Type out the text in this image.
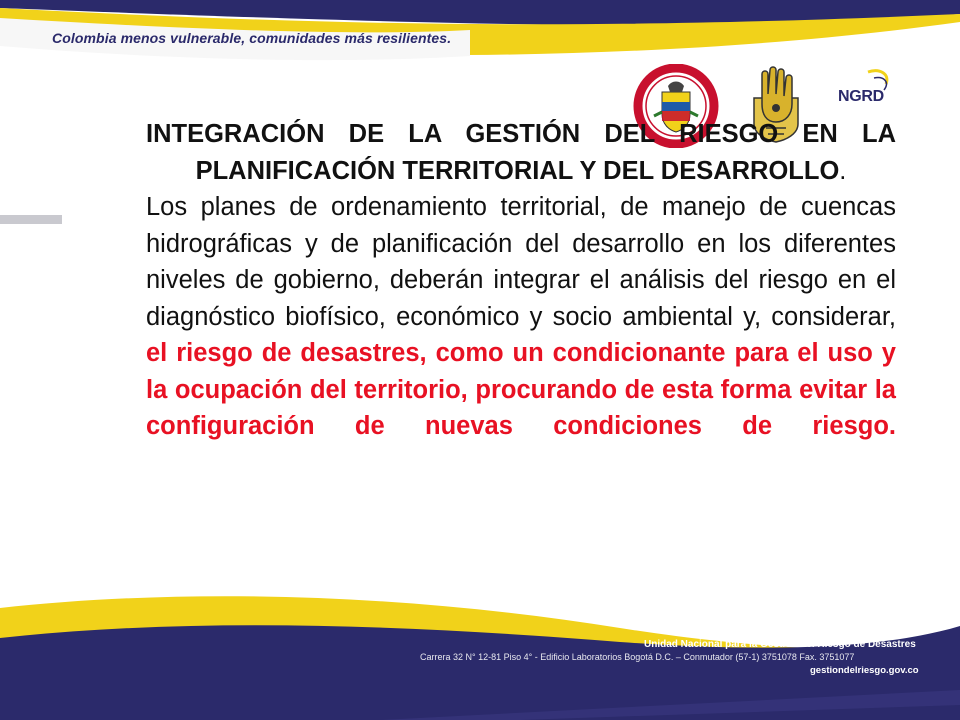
Colombia menos vulnerable, comunidades más resilientes.
NGRD

INTEGRACIÓN DE LA GESTIÓN DEL RIESGO EN LA PLANIFICACIÓN TERRITORIAL Y DEL DESARROLLO.

Los planes de ordenamiento territorial, de manejo de cuencas hidrográficas y de planificación del desarrollo en los diferentes niveles de gobierno, deberán integrar el análisis del riesgo en el diagnóstico biofísico, económico y socio ambiental y, considerar, el riesgo de desastres, como un condicionante para el uso y la ocupación del territorio, procurando de esta forma evitar la configuración de nuevas condiciones de riesgo.

Unidad Nacional para la Gestión del Riesgo de Desastres
Carrera 32 N° 12-81 Piso 4° - Edificio Laboratorios Bogotá D.C. – Conmutador (57-1) 3751078 Fax. 3751077
gestiondelriesgo.gov.co
